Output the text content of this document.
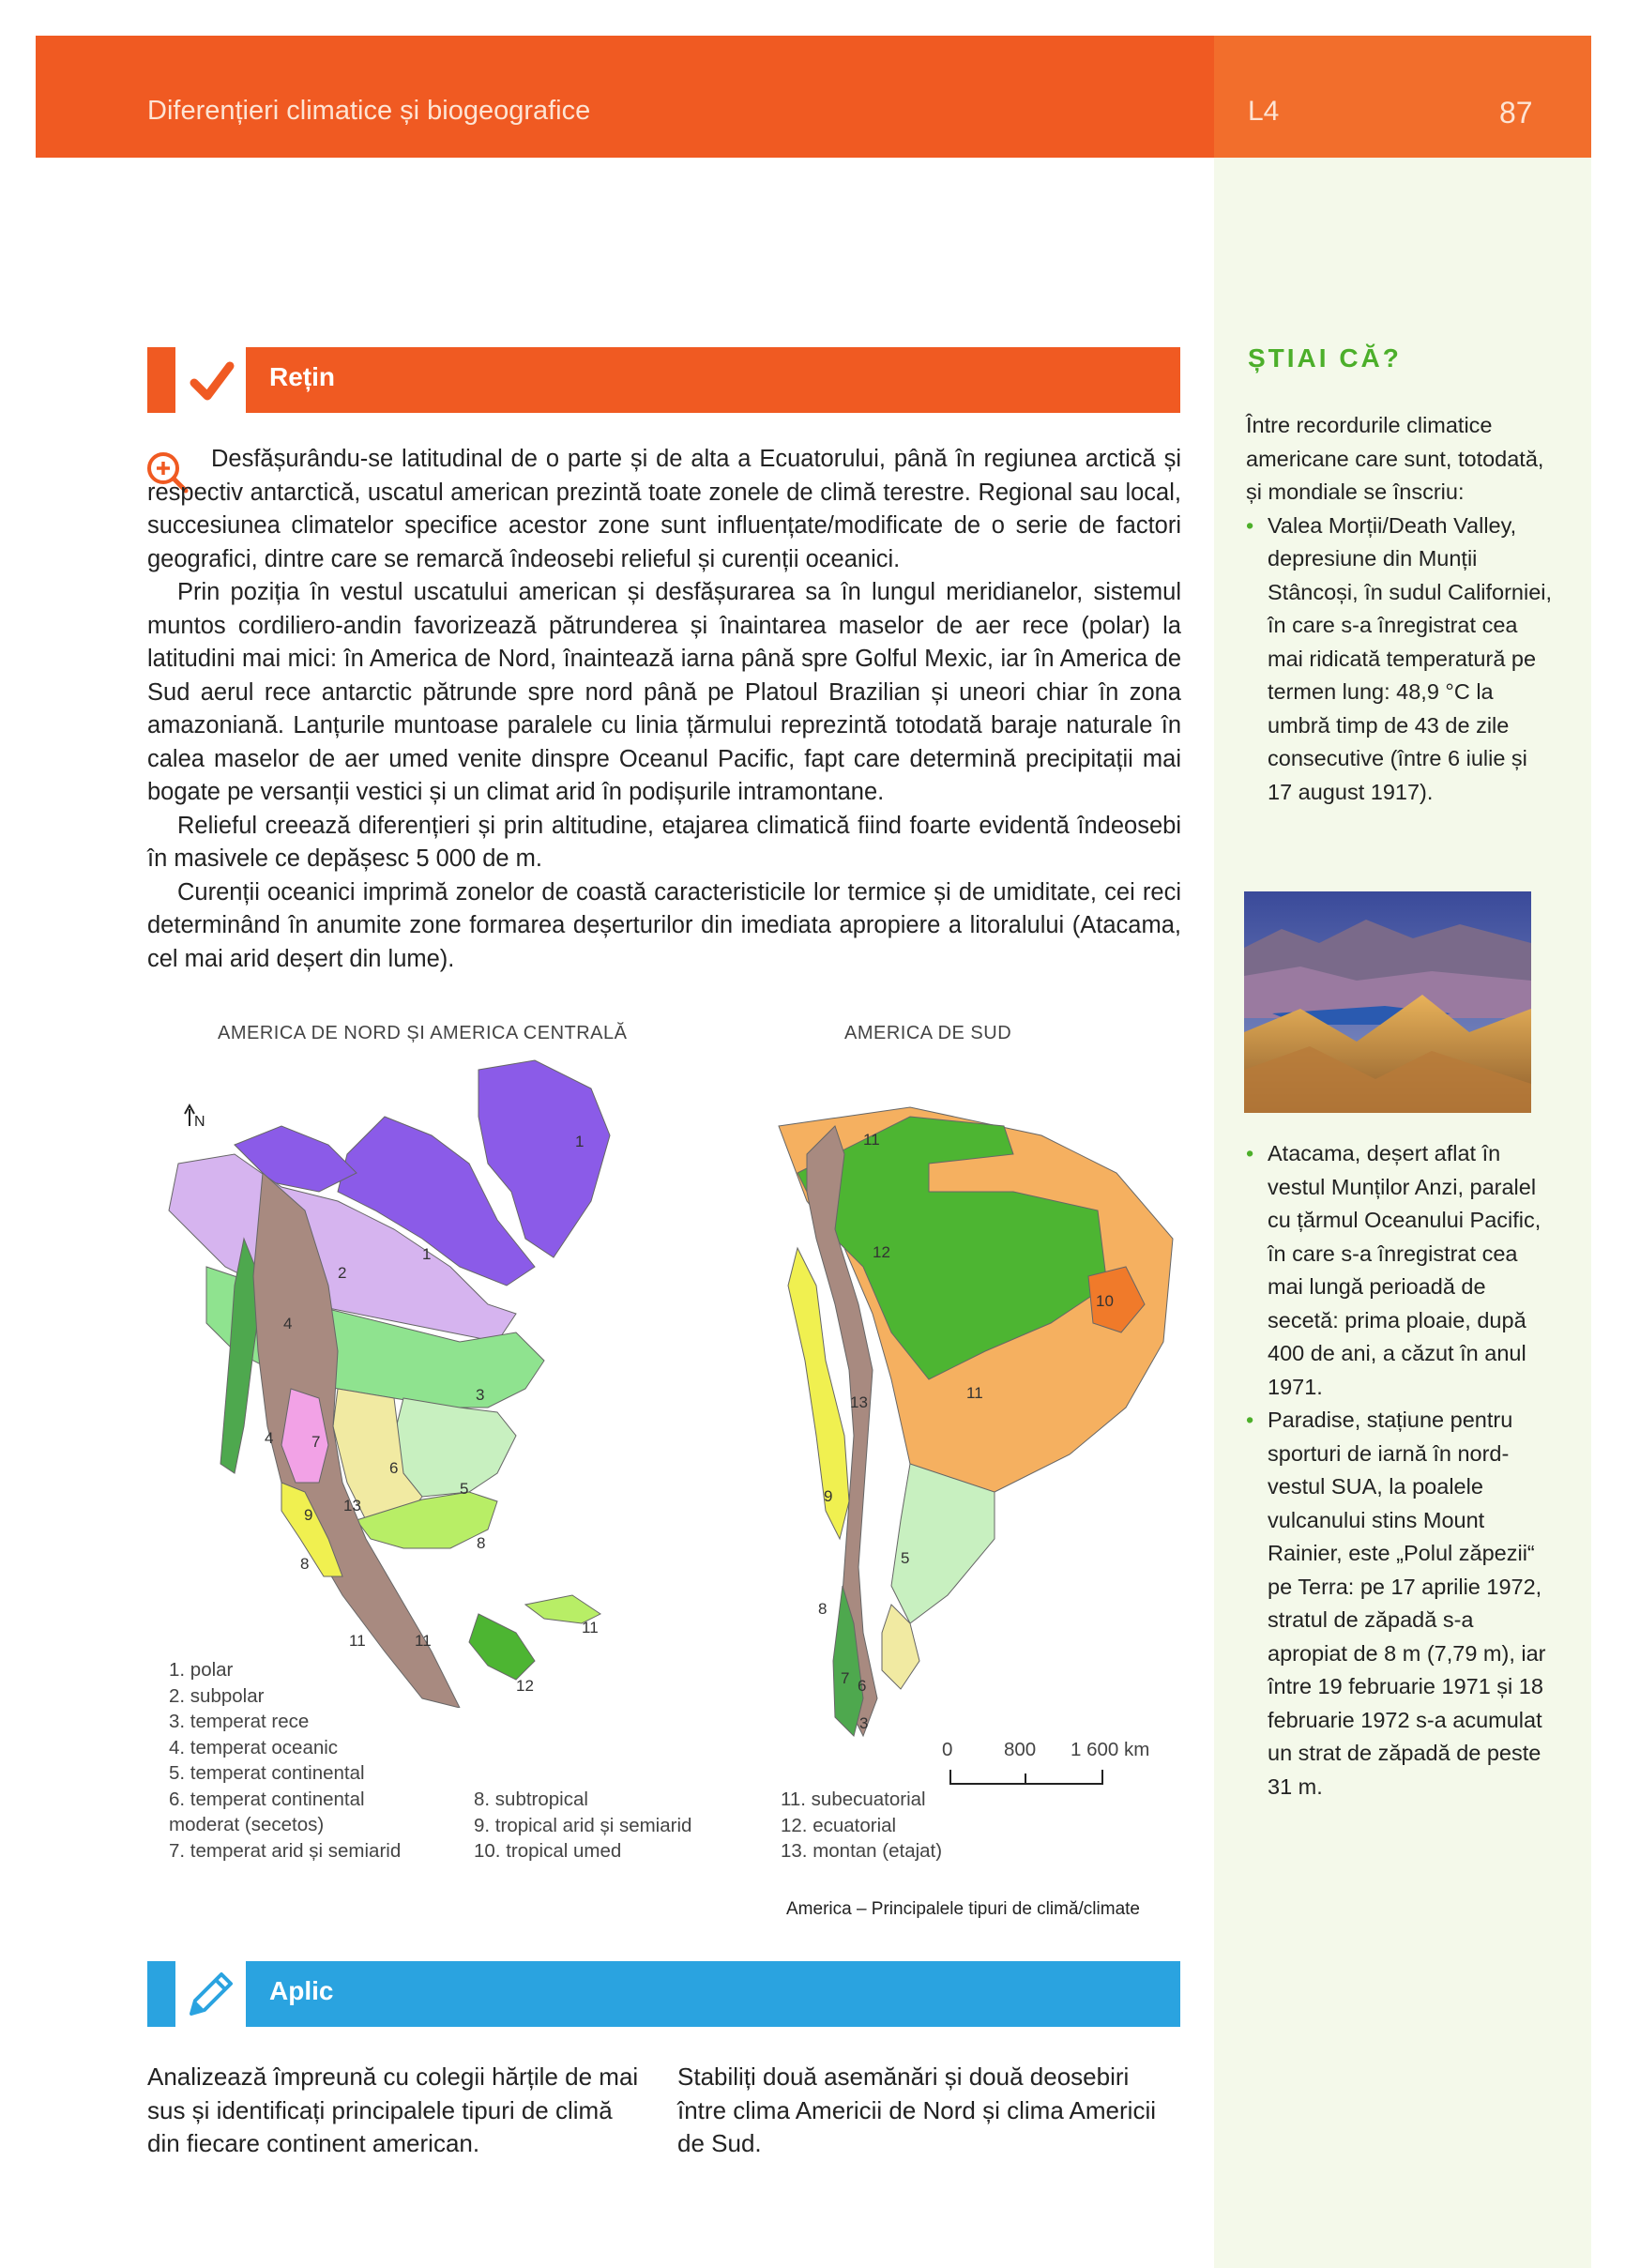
Diferențieri climatice și biogeografice	L4	87
Rețin

Desfășurându-se latitudinal de o parte și de alta a Ecuatorului, până în regiunea arctică și respectiv antarctică, uscatul american prezintă toate zonele de climă terestre. Regional sau local, succesiunea climatelor specifice acestor zone sunt influențate/modificate de o serie de factori geografici, dintre care se remarcă îndeosebi relieful și curenții oceanici.

Prin poziția în vestul uscatului american și desfășurarea sa în lungul meridianelor, sistemul muntos cordiliero-andin favorizează pătrunderea și înaintarea maselor de aer rece (polar) la latitudini mai mici: în America de Nord, înaintează iarna până spre Golful Mexic, iar în America de Sud aerul rece antarctic pătrunde spre nord până pe Platoul Brazilian și uneori chiar în zona amazoniană. Lanțurile muntoase paralele cu linia țărmului reprezintă totodată baraje naturale în calea maselor de aer umed venite dinspre Oceanul Pacific, fapt care determină precipitații mai bogate pe versanții vestici și un climat arid în podișurile intramontane.

Relieful creează diferențieri și prin altitudine, etajarea climatică fiind foarte evidentă îndeosebi în masivele ce depășesc 5 000 de m.

Curenții oceanici imprimă zonelor de coastă caracteristicile lor termice și de umiditate, cei reci determinând în anumite zone formarea deșerturilor din imediata apropiere a litoralului (Atacama, cel mai arid deșert din lume).

AMERICA DE NORD ȘI AMERICA CENTRALĂ	AMERICA DE SUD
N
1
1
2
3
4
4
5
6
7
8
8
9
13
11	11
11
12
11
12
10
11
13
9
5
8
7 6
3
0	800 1 600 km
1. polar
2. subpolar
3. temperat rece
4. temperat oceanic
5. temperat continental
6. temperat continental
moderat (secetos)
7. temperat arid și semiarid
8. subtropical
9. tropical arid și semiarid
10. tropical umed
11. subecuatorial
12. ecuatorial
13. montan (etajat)
America – Principalele tipuri de climă/climate
Aplic
Analizează împreună cu colegii hărțile de mai sus și identificați principalele tipuri de climă din fiecare continent american.
Stabiliți două asemănări și două deosebiri între clima Americii de Nord și clima Americii de Sud.
ȘTIAI CĂ?

Între recordurile climatice americane care sunt, totodată, și mondiale se înscriu:

• Valea Morții/Death Valley, depresiune din Munții Stâncoși, în sudul Californiei, în care s-a înregistrat cea mai ridicată temperatură pe termen lung: 48,9 °C la umbră timp de 43 de zile consecutive (între 6 iulie și 17 august 1917).

• Atacama, deșert aflat în vestul Munților Anzi, paralel cu țărmul Oceanului Pacific, în care s-a înregistrat cea mai lungă perioadă de secetă: prima ploaie, după 400 de ani, a căzut în anul 1971.

• Paradise, stațiune pentru sporturi de iarnă în nord-vestul SUA, la poalele vulcanului stins Mount Rainier, este „Polul zăpezii“ pe Terra: pe 17 aprilie 1972, stratul de zăpadă s-a apropiat de 8 m (7,79 m), iar între 19 februarie 1971 și 18 februarie 1972 s-a acumulat un strat de zăpadă de peste 31 m.
